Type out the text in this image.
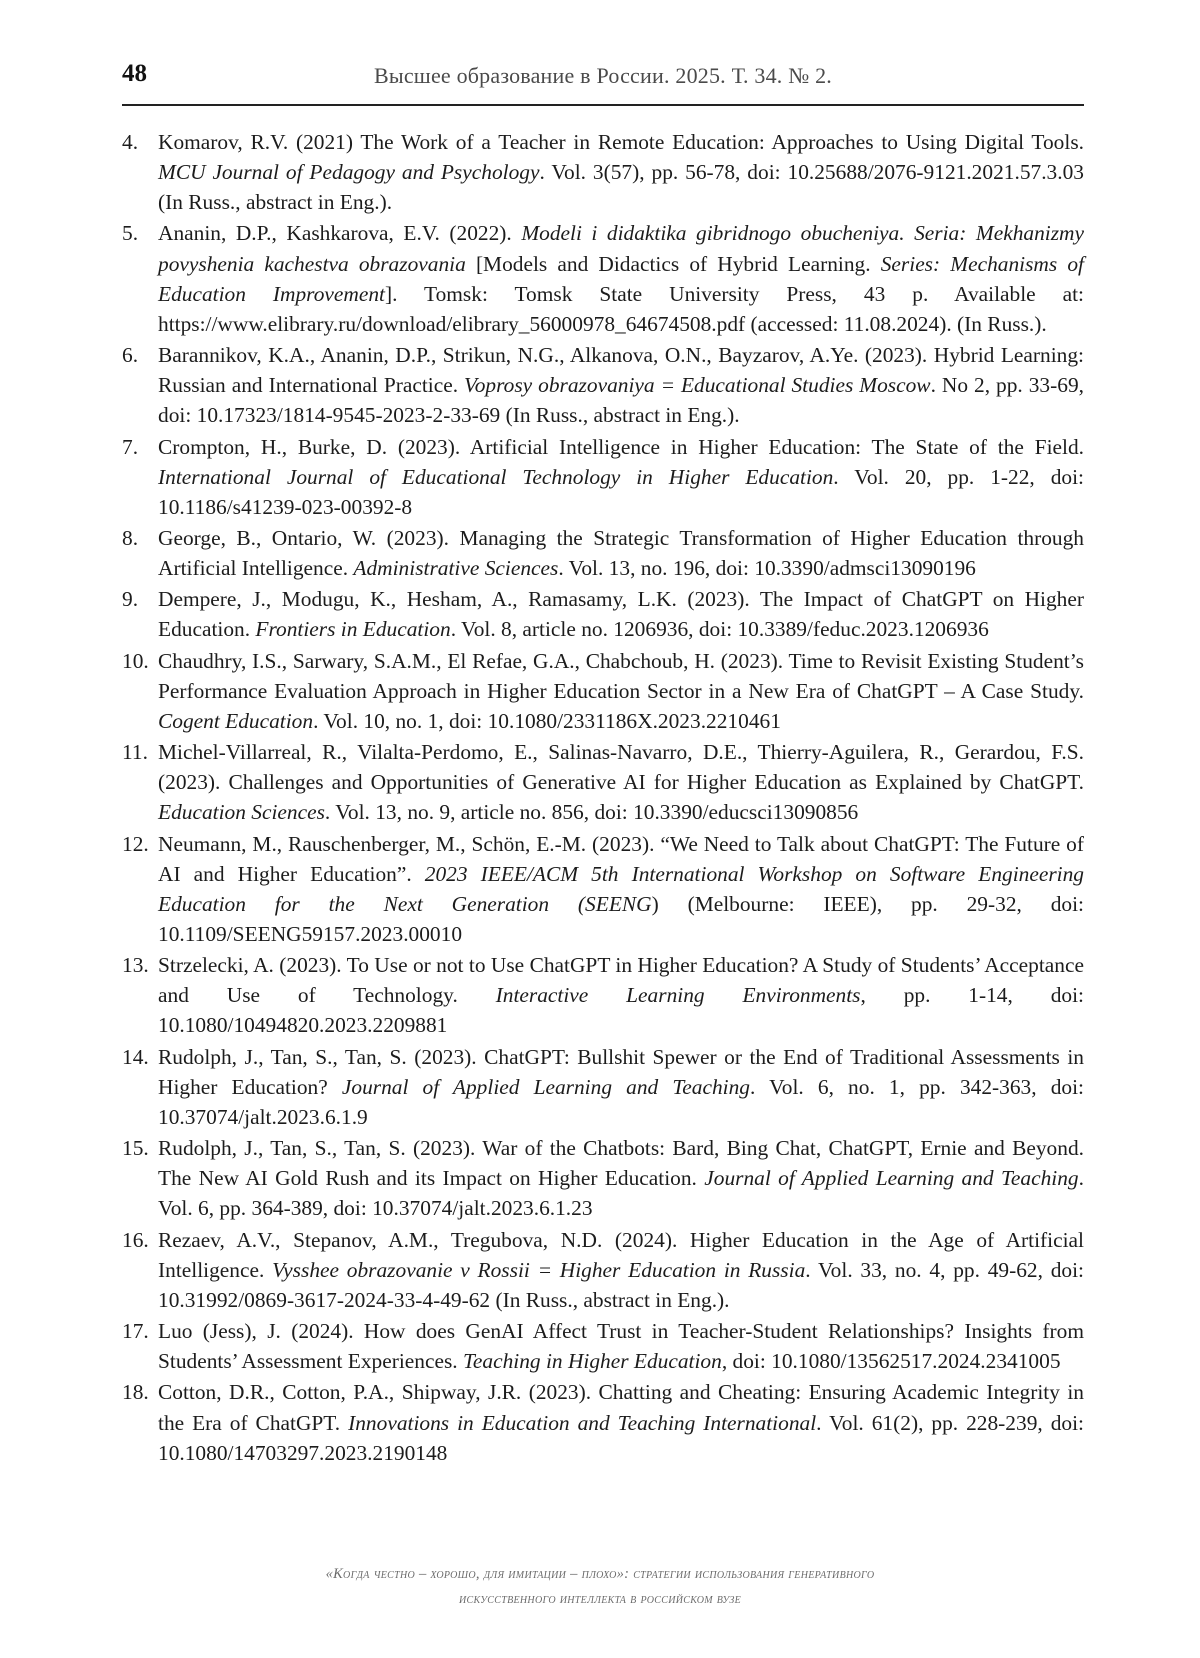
48	Высшее образование в России. 2025. Т. 34. № 2.
4. Komarov, R.V. (2021) The Work of a Teacher in Remote Education: Approaches to Using Digital Tools. MCU Journal of Pedagogy and Psychology. Vol. 3(57), pp. 56-78, doi: 10.25688/2076-9121.2021.57.3.03 (In Russ., abstract in Eng.).
5. Ananin, D.P., Kashkarova, E.V. (2022). Modeli i didaktika gibridnogo obucheniya. Seria: Mekhanizmy povyshenia kachestva obrazovania [Models and Didactics of Hybrid Learning. Series: Mechanisms of Education Improvement]. Tomsk: Tomsk State University Press, 43 p. Available at: https://www.elibrary.ru/download/elibrary_56000978_64674508.pdf (accessed: 11.08.2024). (In Russ.).
6. Barannikov, K.A., Ananin, D.P., Strikun, N.G., Alkanova, O.N., Bayzarov, A.Ye. (2023). Hybrid Learning: Russian and International Practice. Voprosy obrazovaniya = Educational Studies Moscow. No 2, pp. 33-69, doi: 10.17323/1814-9545-2023-2-33-69 (In Russ., abstract in Eng.).
7. Crompton, H., Burke, D. (2023). Artificial Intelligence in Higher Education: The State of the Field. International Journal of Educational Technology in Higher Education. Vol. 20, pp. 1-22, doi: 10.1186/s41239-023-00392-8
8. George, B., Ontario, W. (2023). Managing the Strategic Transformation of Higher Education through Artificial Intelligence. Administrative Sciences. Vol. 13, no. 196, doi: 10.3390/admsci13090196
9. Dempere, J., Modugu, K., Hesham, A., Ramasamy, L.K. (2023). The Impact of ChatGPT on Higher Education. Frontiers in Education. Vol. 8, article no. 1206936, doi: 10.3389/feduc.2023.1206936
10. Chaudhry, I.S., Sarwary, S.A.M., El Refae, G.A., Chabchoub, H. (2023). Time to Revisit Existing Student’s Performance Evaluation Approach in Higher Education Sector in a New Era of ChatGPT – A Case Study. Cogent Education. Vol. 10, no. 1, doi: 10.1080/2331186X.2023.2210461
11. Michel-Villarreal, R., Vilalta-Perdomo, E., Salinas-Navarro, D.E., Thierry-Aguilera, R., Gerardou, F.S. (2023). Challenges and Opportunities of Generative AI for Higher Education as Explained by ChatGPT. Education Sciences. Vol. 13, no. 9, article no. 856, doi: 10.3390/educsci13090856
12. Neumann, M., Rauschenberger, M., Schön, E.-M. (2023). “We Need to Talk about ChatGPT: The Future of AI and Higher Education”. 2023 IEEE/ACM 5th International Workshop on Software Engineering Education for the Next Generation (SEENG) (Melbourne: IEEE), pp. 29-32, doi: 10.1109/SEENG59157.2023.00010
13. Strzelecki, A. (2023). To Use or not to Use ChatGPT in Higher Education? A Study of Students’ Acceptance and Use of Technology. Interactive Learning Environments, pp. 1-14, doi: 10.1080/10494820.2023.2209881
14. Rudolph, J., Tan, S., Tan, S. (2023). ChatGPT: Bullshit Spewer or the End of Traditional Assessments in Higher Education? Journal of Applied Learning and Teaching. Vol. 6, no. 1, pp. 342-363, doi: 10.37074/jalt.2023.6.1.9
15. Rudolph, J., Tan, S., Tan, S. (2023). War of the Chatbots: Bard, Bing Chat, ChatGPT, Ernie and Beyond. The New AI Gold Rush and its Impact on Higher Education. Journal of Applied Learning and Teaching. Vol. 6, pp. 364-389, doi: 10.37074/jalt.2023.6.1.23
16. Rezaev, A.V., Stepanov, A.M., Tregubova, N.D. (2024). Higher Education in the Age of Artificial Intelligence. Vysshee obrazovanie v Rossii = Higher Education in Russia. Vol. 33, no. 4, pp. 49-62, doi: 10.31992/0869-3617-2024-33-4-49-62 (In Russ., abstract in Eng.).
17. Luo (Jess), J. (2024). How does GenAI Affect Trust in Teacher-Student Relationships? Insights from Students’ Assessment Experiences. Teaching in Higher Education, doi: 10.1080/13562517.2024.2341005
18. Cotton, D.R., Cotton, P.A., Shipway, J.R. (2023). Chatting and Cheating: Ensuring Academic Integrity in the Era of ChatGPT. Innovations in Education and Teaching International. Vol. 61(2), pp. 228-239, doi: 10.1080/14703297.2023.2190148
«Когда честно – хорошо, для имитации – плохо»: стратегии использования генеративного
искусственного интеллекта в российском вузе
